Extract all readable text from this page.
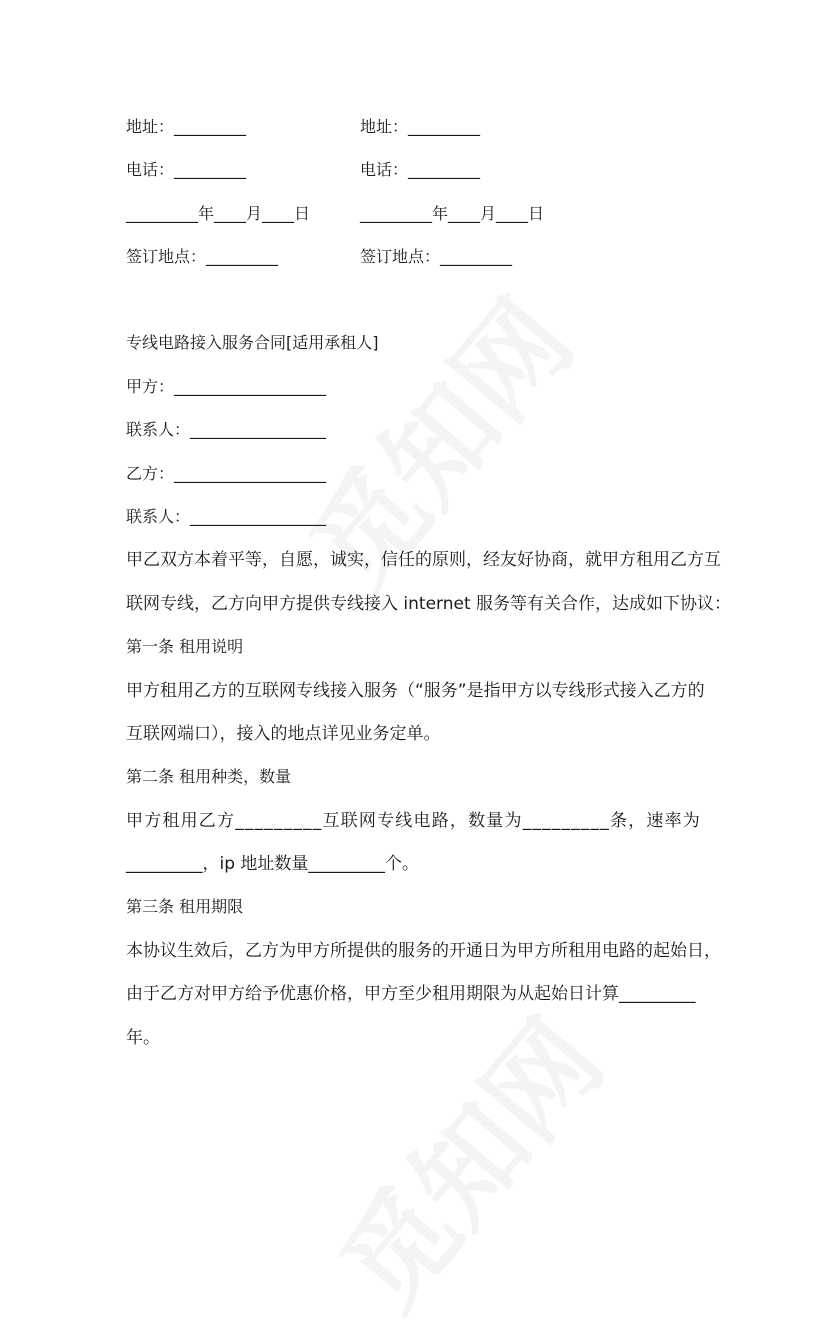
地址：_________
电话：_________
_________年____月____日
签订地点：_________
地址：_________
电话：_________
_________年____月____日
签订地点：_________
专线电路接入服务合同[适用承租人]
甲方：___________________
联系人：_________________
乙方：___________________
联系人：_________________
甲乙双方本着平等，自愿，诚实，信任的原则，经友好协商，就甲方租用乙方互
联网专线，乙方向甲方提供专线接入 internet 服务等有关合作，达成如下协议：
第一条 租用说明
甲方租用乙方的互联网专线接入服务（“服务”是指甲方以专线形式接入乙方的
互联网端口），接入的地点详见业务定单。
第二条 租用种类，数量
甲方租用乙方_________互联网专线电路，数量为_________条，速率为
_________，ip 地址数量_________个。
第三条 租用期限
本协议生效后，乙方为甲方所提供的服务的开通日为甲方所租用电路的起始日，
由于乙方对甲方给予优惠价格，甲方至少租用期限为从起始日计算_________
年。
